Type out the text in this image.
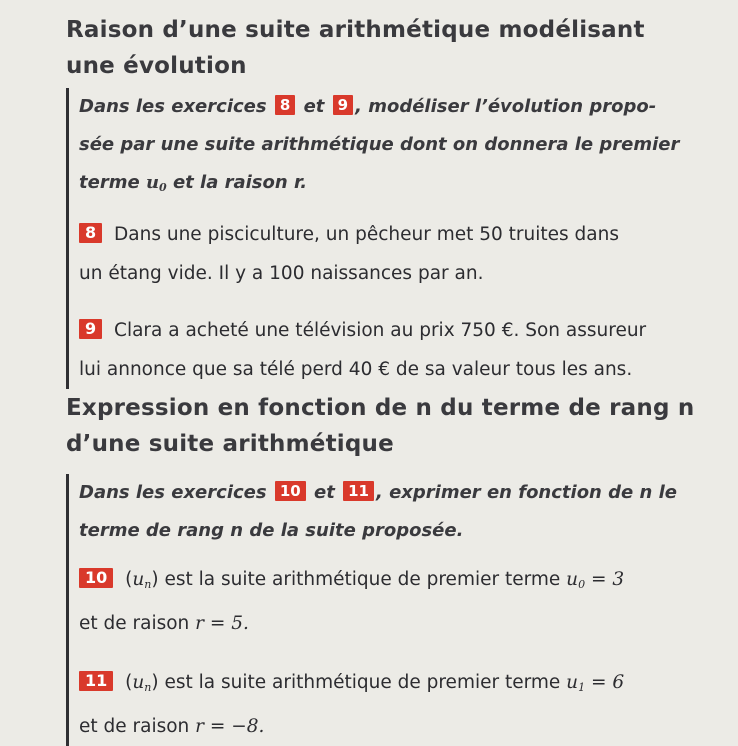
Raison d’une suite arithmétique modélisant
une évolution

Dans les exercices 8 et 9 , modéliser l’évolution propo-
sée par une suite arithmétique dont on donnera le premier
terme $u_0$ et la raison r.

8 Dans une pisciculture, un pêcheur met 50 truites dans
un étang vide. Il y a 100 naissances par an.

9 Clara a acheté une télévision au prix 750 €. Son assureur
lui annonce que sa télé perd 40 € de sa valeur tous les ans.

Expression en fonction de n du terme de rang n
d’une suite arithmétique

Dans les exercices 10 et 11 , exprimer en fonction de n le
terme de rang n de la suite proposée.

10 $(u_n)$ est la suite arithmétique de premier terme $u_0 = 3$
et de raison r = 5.

11 $(u_n)$ est la suite arithmétique de premier terme $u_1 = 6$
et de raison r = −8.
